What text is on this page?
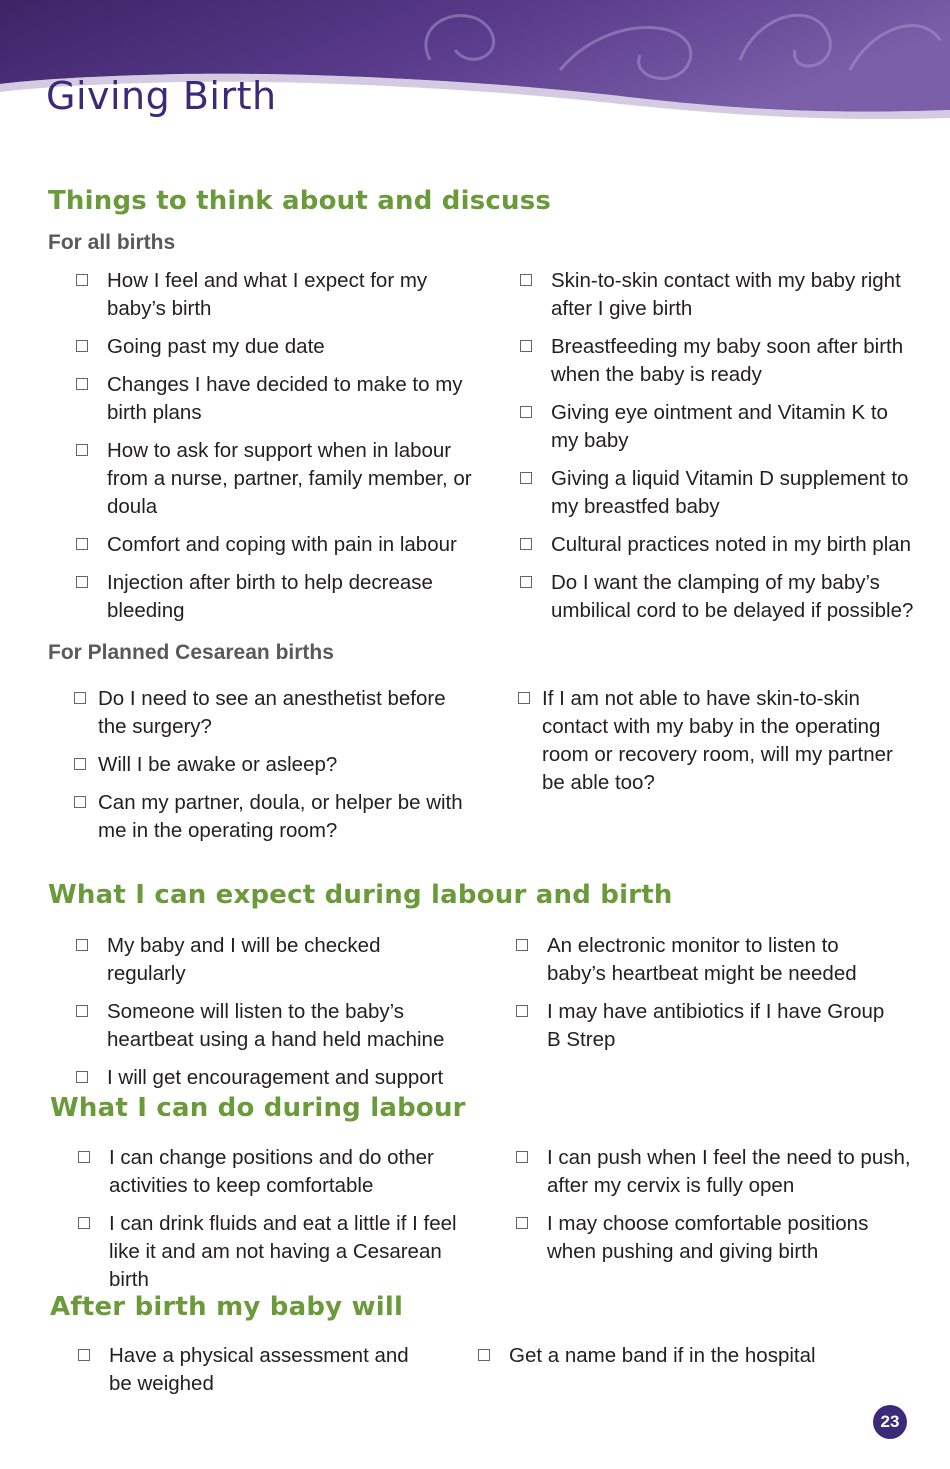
Giving Birth
Things to think about and discuss
For all births
How I feel and what I expect for my baby’s birth
Going past my due date
Changes I have decided to make to my birth plans
How to ask for support when in labour from a nurse, partner, family member, or doula
Comfort and coping with pain in labour
Injection after birth to help decrease bleeding
Skin-to-skin contact with my baby right after I give birth
Breastfeeding my baby soon after birth when the baby is ready
Giving eye ointment and Vitamin K to my baby
Giving a liquid Vitamin D supplement to my breastfed baby
Cultural practices noted in my birth plan
Do I want the clamping of my baby’s umbilical cord to be delayed if possible?
For Planned Cesarean births
Do I need to see an anesthetist before the surgery?
Will I be awake or asleep?
Can my partner, doula, or helper be with me in the operating room?
If I am not able to have skin-to-skin contact with my baby in the operating room or recovery room, will my partner be able too?
What I can expect during labour and birth
My baby and I will be checked regularly
Someone will listen to the baby’s heartbeat using a hand held machine
I will get encouragement and support
An electronic monitor to listen to baby’s heartbeat might be needed
I may have antibiotics if I have Group B Strep
What I can do during labour
I can change positions and do other activities to keep comfortable
I can drink fluids and eat a little if I feel like it and am not having a Cesarean birth
I can push when I feel the need to push, after my cervix is fully open
I may choose comfortable positions when pushing and giving birth
After birth my baby will
Have a physical assessment and be weighed
Get a name band if in the hospital
23
